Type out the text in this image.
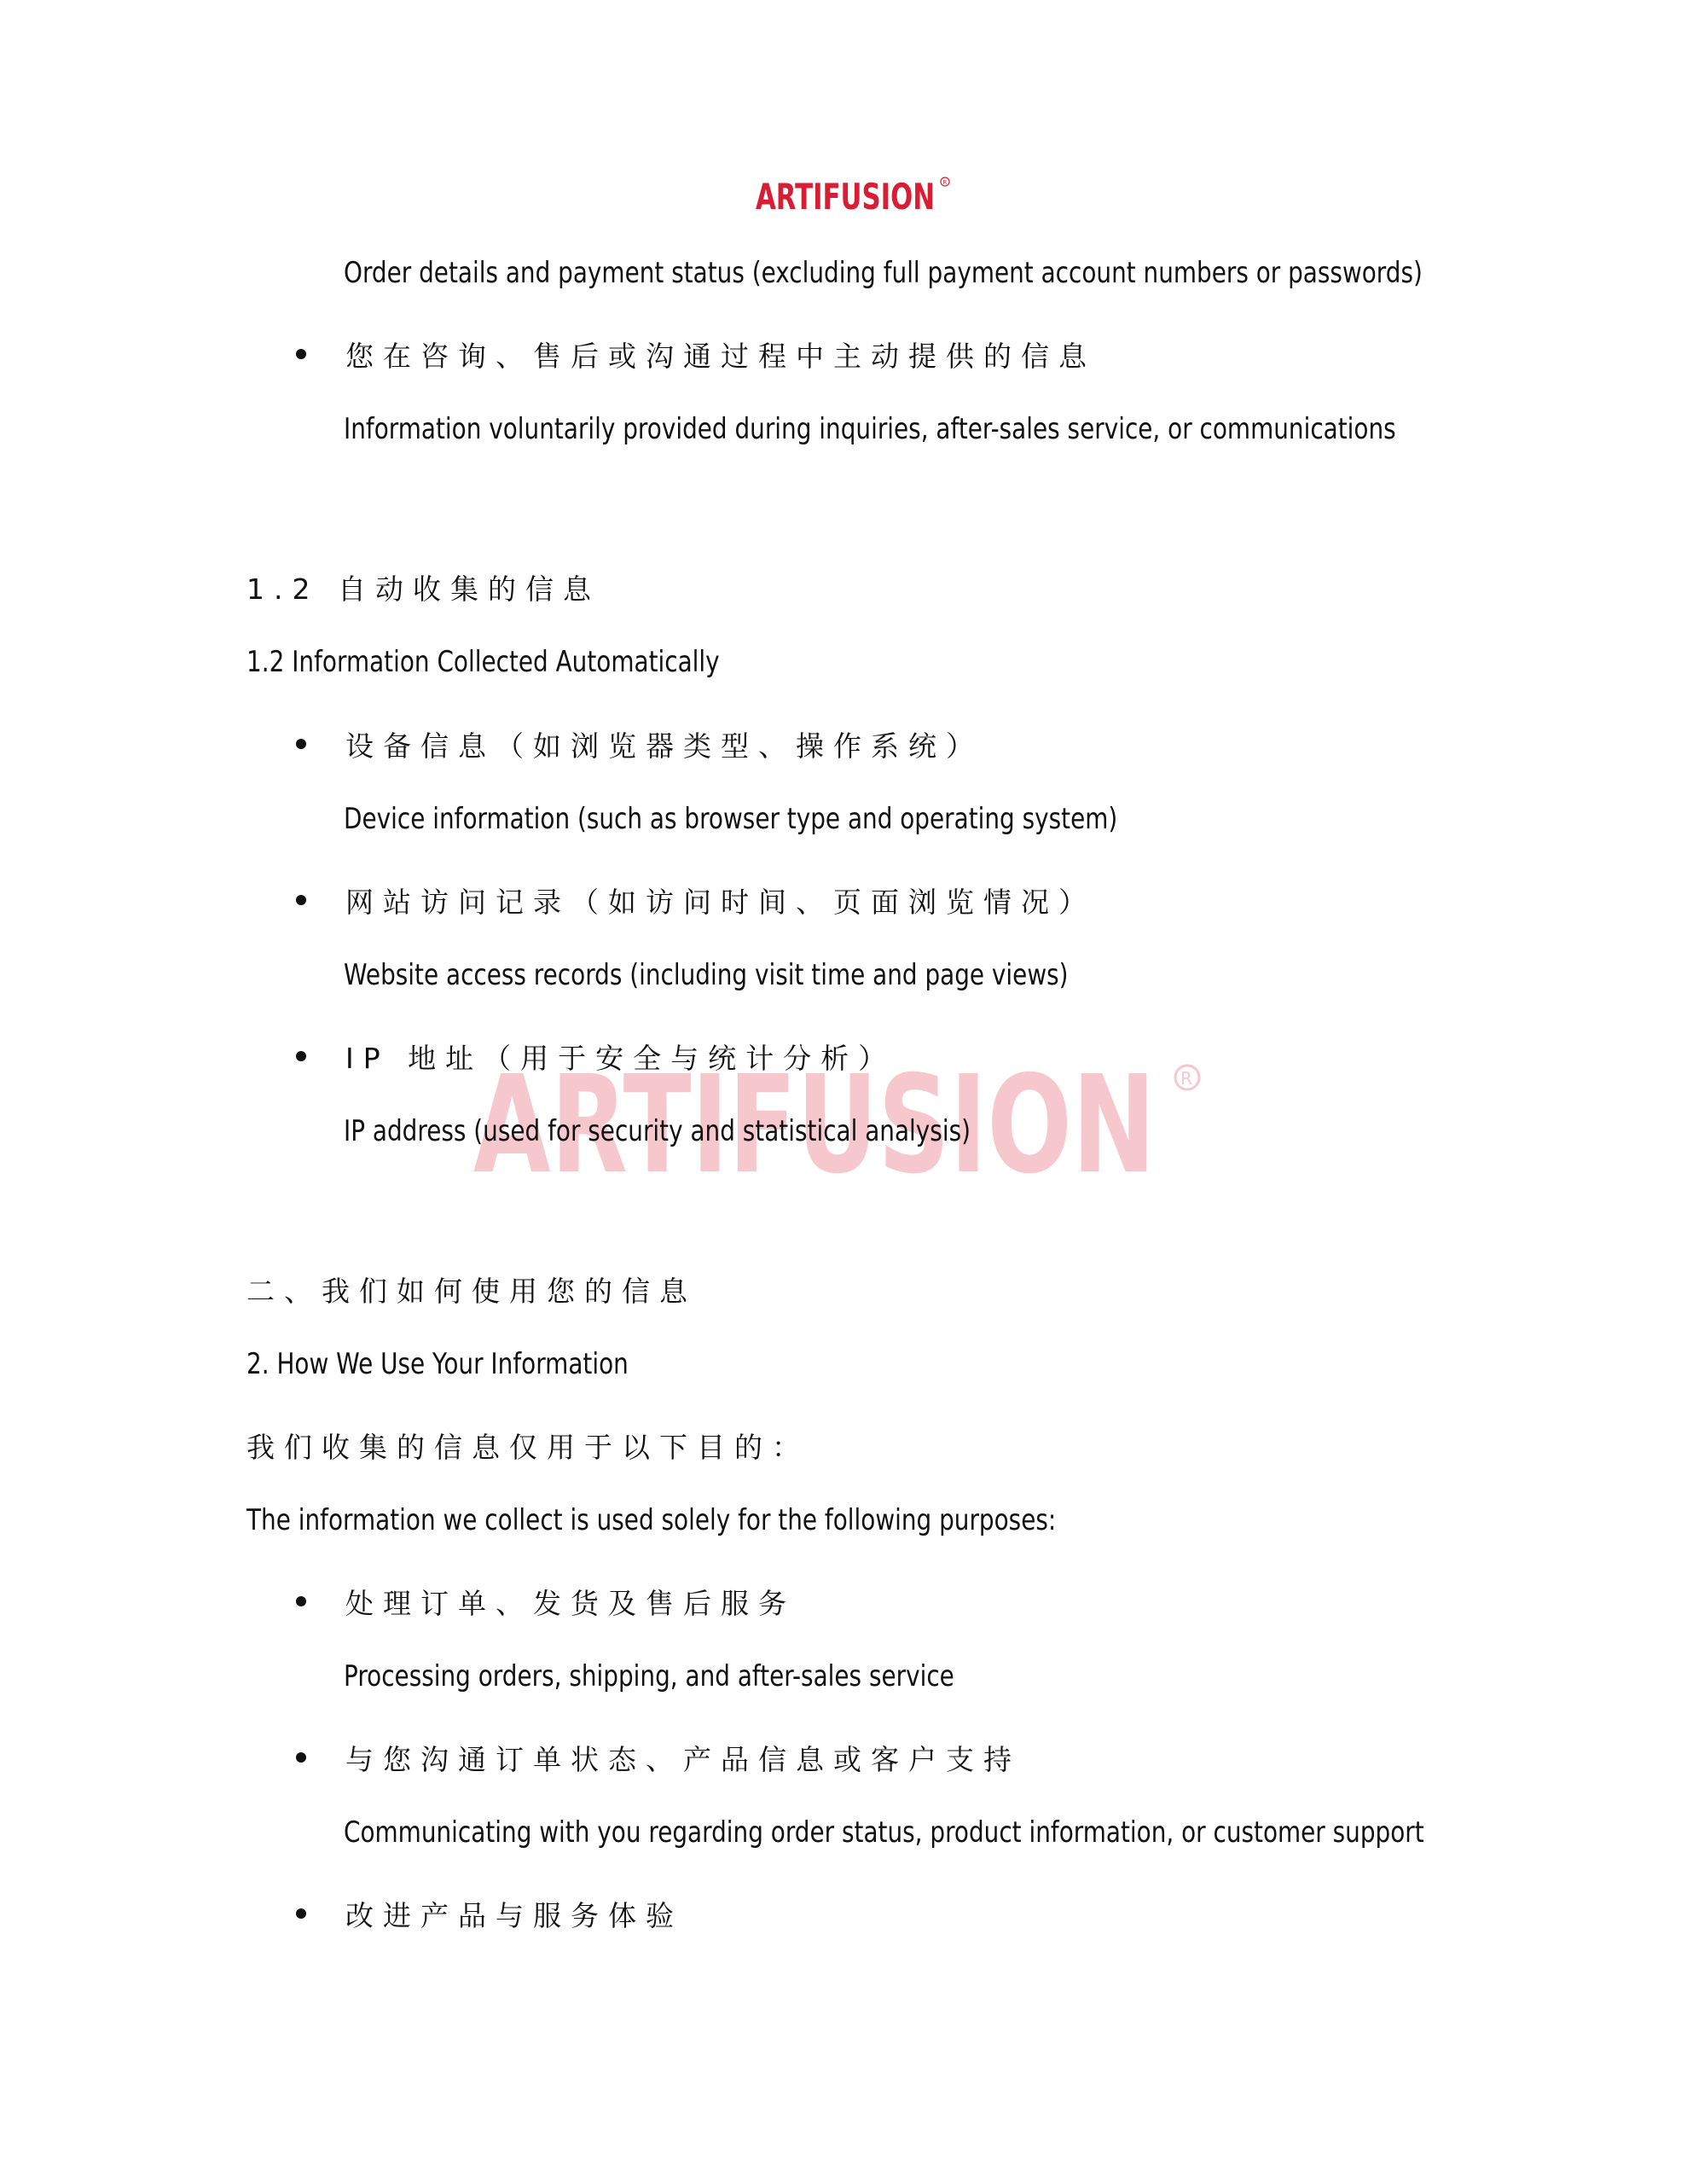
ARTIFUSION R
ARTIFUSION R
Order details and payment status (excluding full payment account numbers or passwords)
您在咨询、售后或沟通过程中主动提供的信息
Information voluntarily provided during inquiries, after-sales service, or communications
1.2 自动收集的信息
1.2 Information Collected Automatically
设备信息（如浏览器类型、操作系统）
Device information (such as browser type and operating system)
网站访问记录（如访问时间、页面浏览情况）
Website access records (including visit time and page views)
IP 地址（用于安全与统计分析）
IP address (used for security and statistical analysis)
二、我们如何使用您的信息
2. How We Use Your Information
我们收集的信息仅用于以下目的：
The information we collect is used solely for the following purposes:
处理订单、发货及售后服务
Processing orders, shipping, and after-sales service
与您沟通订单状态、产品信息或客户支持
Communicating with you regarding order status, product information, or customer support
改进产品与服务体验
